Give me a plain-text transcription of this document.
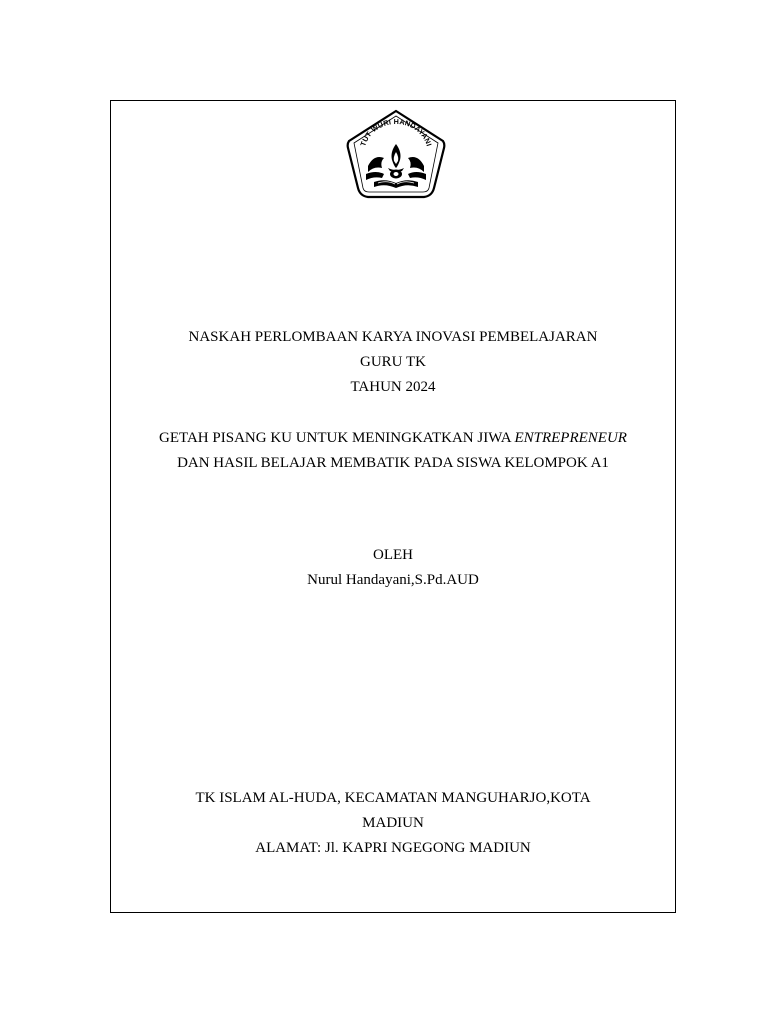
TUT WURI HANDAYANI
NASKAH PERLOMBAAN KARYA INOVASI PEMBELAJARAN
GURU TK
TAHUN 2024
GETAH PISANG KU UNTUK MENINGKATKAN JIWA ENTREPRENEUR
DAN HASIL BELAJAR MEMBATIK PADA SISWA KELOMPOK A1
OLEH
Nurul Handayani,S.Pd.AUD
TK ISLAM AL-HUDA, KECAMATAN MANGUHARJO,KOTA
MADIUN
ALAMAT: Jl. KAPRI NGEGONG MADIUN
